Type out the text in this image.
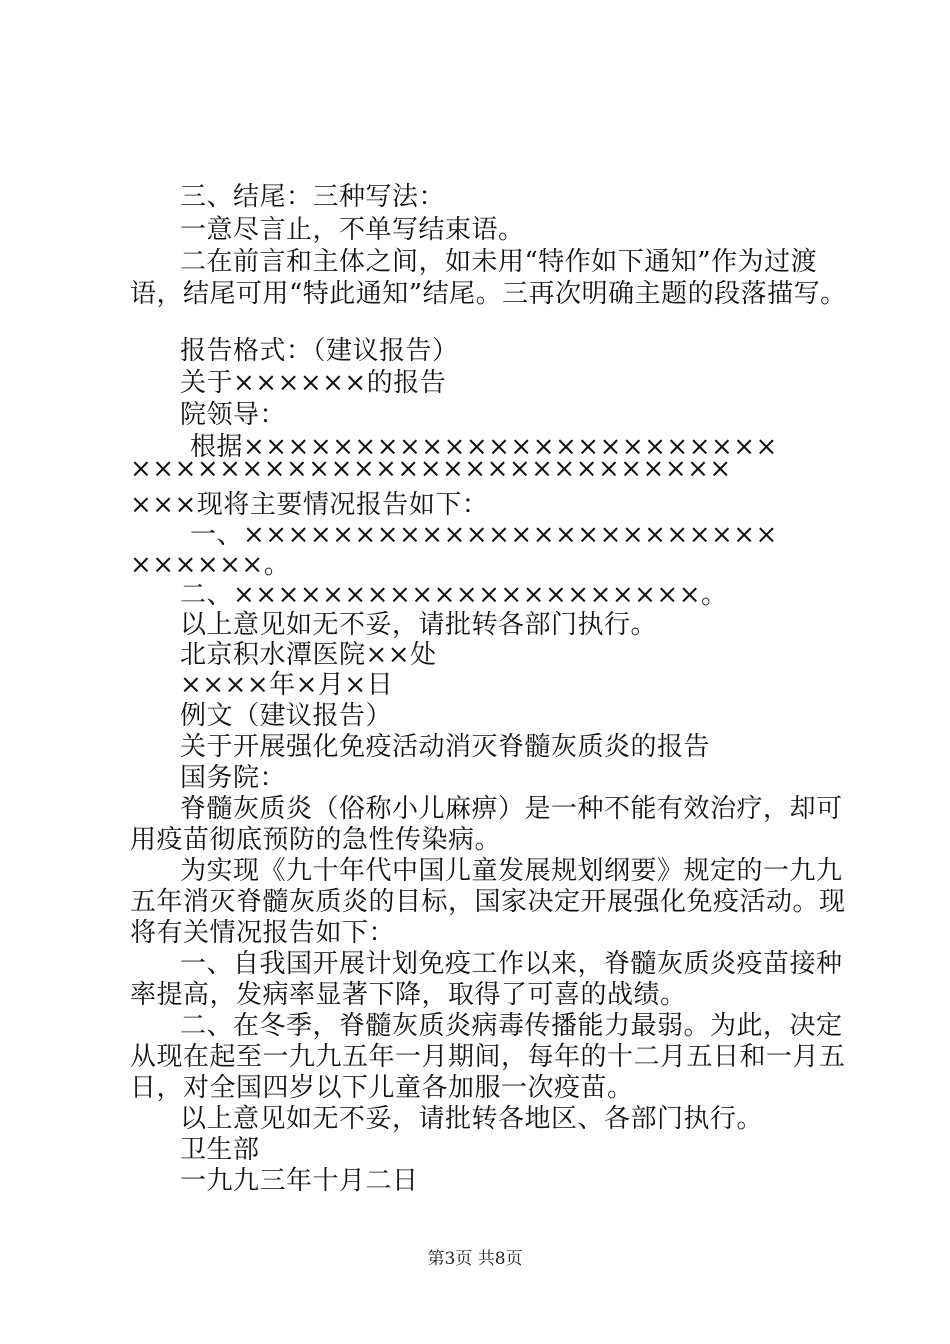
三、结尾：三种写法：
一意尽言止，不单写结束语。
二在前言和主体之间，如未用“特作如下通知”作为过渡
语，结尾可用“特此通知”结尾。三再次明确主题的段落描写。
报告格式：（建议报告）
关于××××××的报告
院领导：
根据××××××××××××××××××××××××
×××××××××××××××××××××××××××
×××现将主要情况报告如下：
一、××××××××××××××××××××××××
××××××。
二、×××××××××××××××××××××。
以上意见如无不妥，请批转各部门执行。
北京积水潭医院××处
××××年×月×日
例文（建议报告）
关于开展强化免疫活动消灭脊髓灰质炎的报告
国务院：
脊髓灰质炎（俗称小儿麻痹）是一种不能有效治疗，却可
用疫苗彻底预防的急性传染病。
为实现《九十年代中国儿童发展规划纲要》规定的一九九
五年消灭脊髓灰质炎的目标，国家决定开展强化免疫活动。现
将有关情况报告如下：
一、自我国开展计划免疫工作以来，脊髓灰质炎疫苗接种
率提高，发病率显著下降，取得了可喜的战绩。
二、在冬季，脊髓灰质炎病毒传播能力最弱。为此，决定
从现在起至一九九五年一月期间，每年的十二月五日和一月五
日，对全国四岁以下儿童各加服一次疫苗。
以上意见如无不妥，请批转各地区、各部门执行。
卫生部
一九九三年十月二日
第3页 共8页
